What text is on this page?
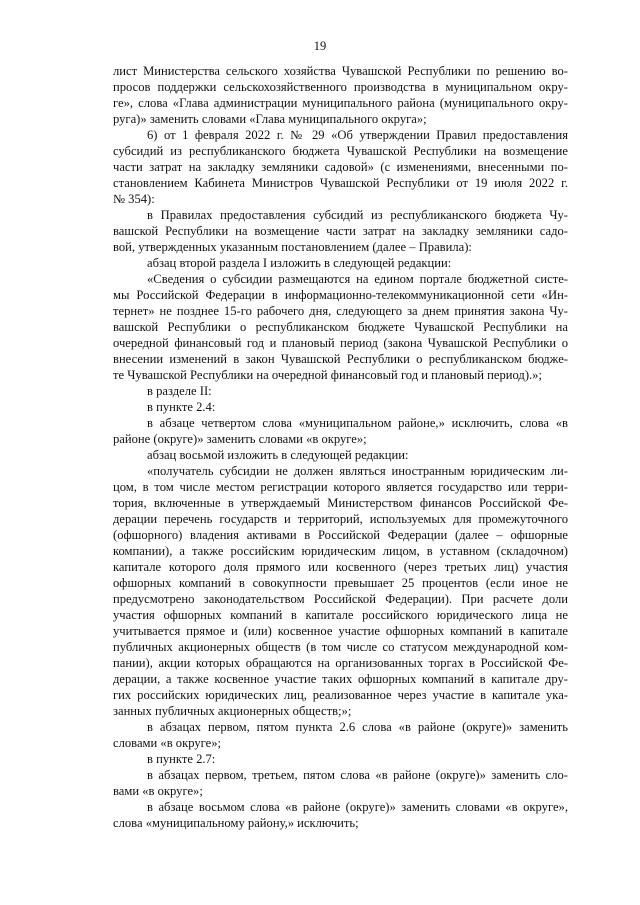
19
лист Министерства сельского хозяйства Чувашской Республики по решению во-
просов поддержки сельскохозяйственного производства в муниципальном окру-
ге», слова «Глава администрации муниципального района (муниципального окру-
руга)» заменить словами «Глава муниципального округа»;
6) от 1 февраля 2022 г. № 29 «Об утверждении Правил предоставления
субсидий из республиканского бюджета Чувашской Республики на возмещение
части затрат на закладку земляники садовой» (с изменениями, внесенными по-
становлением Кабинета Министров Чувашской Республики от 19 июля 2022 г.
№ 354):
в Правилах предоставления субсидий из республиканского бюджета Чу-
вашской Республики на возмещение части затрат на закладку земляники садо-
вой, утвержденных указанным постановлением (далее – Правила):
абзац второй раздела I изложить в следующей редакции:
«Сведения о субсидии размещаются на едином портале бюджетной систе-
мы Российской Федерации в информационно-телекоммуникационной сети «Ин-
тернет» не позднее 15-го рабочего дня, следующего за днем принятия закона Чу-
вашской Республики о республиканском бюджете Чувашской Республики на
очередной финансовый год и плановый период (закона Чувашской Республики о
внесении изменений в закон Чувашской Республики о республиканском бюдже-
те Чувашской Республики на очередной финансовый год и плановый период).»;
в разделе II:
в пункте 2.4:
в абзаце четвертом слова «муниципальном районе,» исключить, слова «в
районе (округе)» заменить словами «в округе»;
абзац восьмой изложить в следующей редакции:
«получатель субсидии не должен являться иностранным юридическим ли-
цом, в том числе местом регистрации которого является государство или терри-
тория, включенные в утверждаемый Министерством финансов Российской Фе-
дерации перечень государств и территорий, используемых для промежуточного
(офшорного) владения активами в Российской Федерации (далее – офшорные
компании), а также российским юридическим лицом, в уставном (складочном)
капитале которого доля прямого или косвенного (через третьих лиц) участия
офшорных компаний в совокупности превышает 25 процентов (если иное не
предусмотрено законодательством Российской Федерации). При расчете доли
участия офшорных компаний в капитале российского юридического лица не
учитывается прямое и (или) косвенное участие офшорных компаний в капитале
публичных акционерных обществ (в том числе со статусом международной ком-
пании), акции которых обращаются на организованных торгах в Российской Фе-
дерации, а также косвенное участие таких офшорных компаний в капитале дру-
гих российских юридических лиц, реализованное через участие в капитале ука-
занных публичных акционерных обществ;»;
в абзацах первом, пятом пункта 2.6 слова «в районе (округе)» заменить
словами «в округе»;
в пункте 2.7:
в абзацах первом, третьем, пятом слова «в районе (округе)» заменить сло-
вами «в округе»;
в абзаце восьмом слова «в районе (округе)» заменить словами «в округе»,
слова «муниципальному району,» исключить;
